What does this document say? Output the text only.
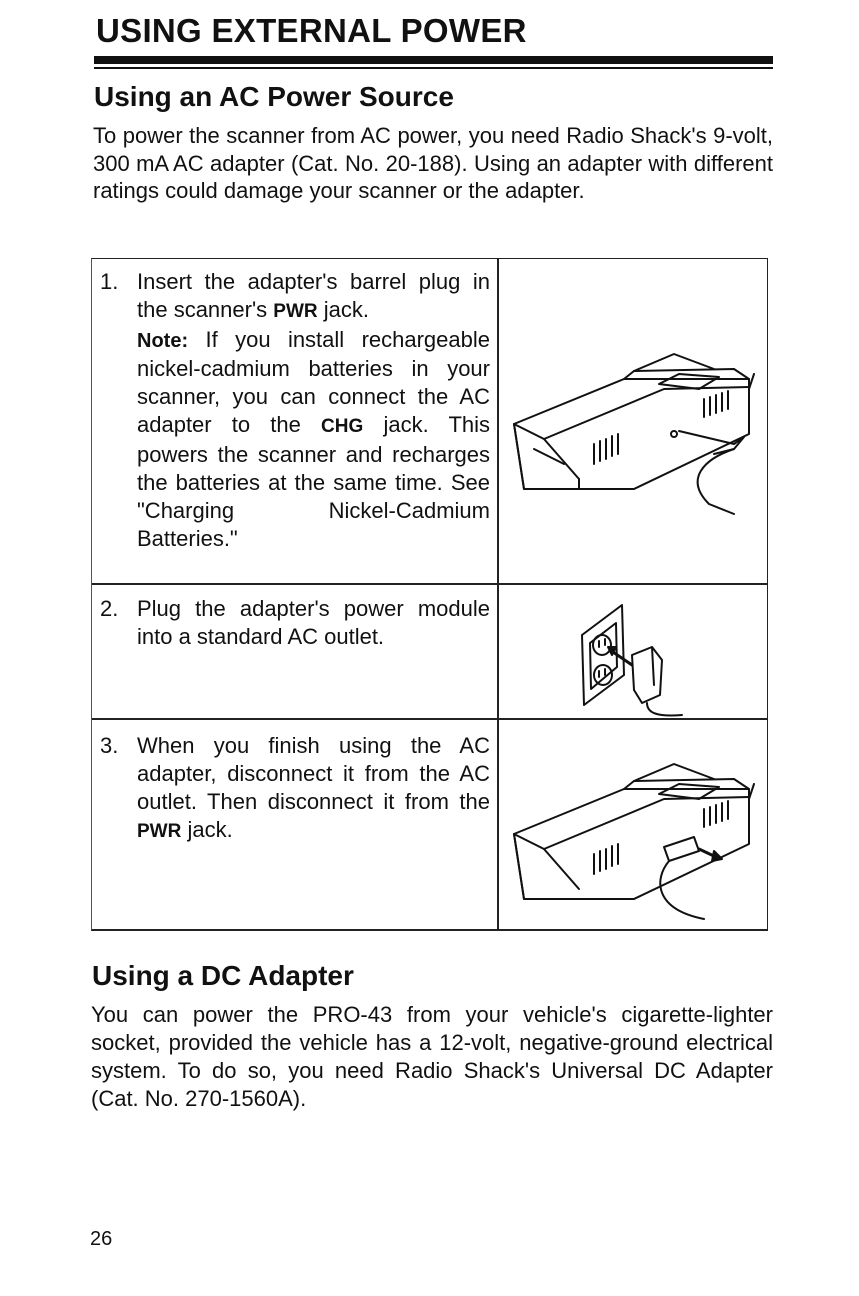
USING EXTERNAL POWER
Using an AC Power Source

To power the scanner from AC power, you need Radio Shack's 9-volt, 300 mA AC adapter (Cat. No. 20-188). Using an adapter with different ratings could damage your scanner or the adapter.

1. Insert the adapter's barrel plug in the scanner's PWR jack.

Note: If you install rechargeable nickel-cadmium batteries in your scanner, you can connect the AC adapter to the CHG jack. This powers the scanner and recharges the batteries at the same time. See "Charging Nickel-Cadmium Batteries."

2. Plug the adapter's power module into a standard AC outlet.

3. When you finish using the AC adapter, disconnect it from the AC outlet. Then disconnect it from the PWR jack.

Using a DC Adapter

You can power the PRO-43 from your vehicle's cigarette-lighter socket, provided the vehicle has a 12-volt, negative-ground electrical system. To do so, you need Radio Shack's Universal DC Adapter (Cat. No. 270-1560A).

26
